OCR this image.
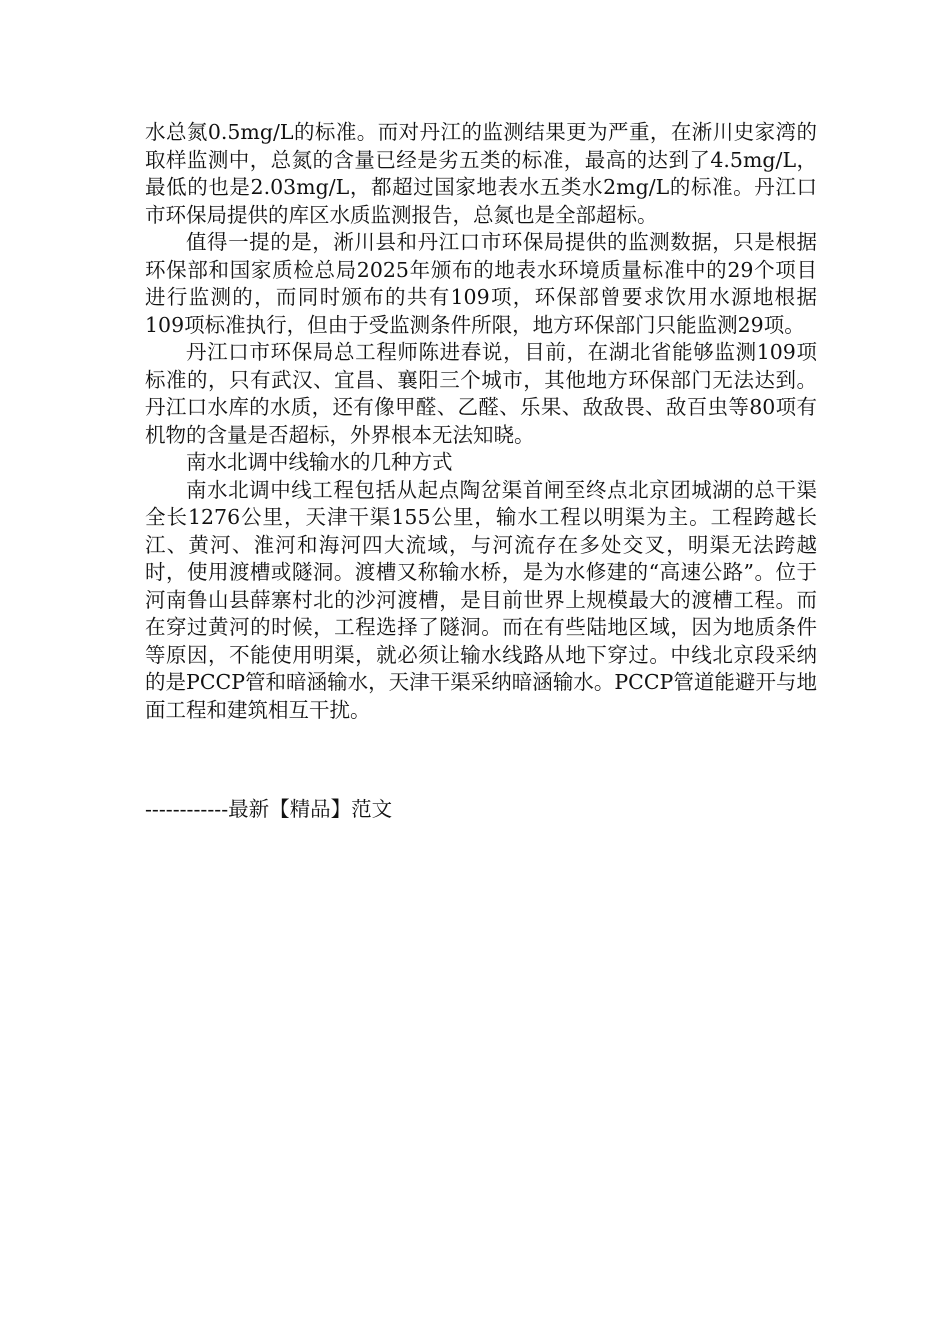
水总氮0.5mg/L的标准。而对丹江的监测结果更为严重，在淅川史家湾的取样监测中，总氮的含量已经是劣五类的标准，最高的达到了4.5mg/L，最低的也是2.03mg/L，都超过国家地表水五类水2mg/L的标准。丹江口市环保局提供的库区水质监测报告，总氮也是全部超标。

值得一提的是，淅川县和丹江口市环保局提供的监测数据，只是根据环保部和国家质检总局2025年颁布的地表水环境质量标准中的29个项目进行监测的，而同时颁布的共有109项，环保部曾要求饮用水源地根据109项标准执行，但由于受监测条件所限，地方环保部门只能监测29项。

丹江口市环保局总工程师陈进春说，目前，在湖北省能够监测109项标准的，只有武汉、宜昌、襄阳三个城市，其他地方环保部门无法达到。丹江口水库的水质，还有像甲醛、乙醛、乐果、敌敌畏、敌百虫等80项有机物的含量是否超标，外界根本无法知晓。

南水北调中线输水的几种方式

南水北调中线工程包括从起点陶岔渠首闸至终点北京团城湖的总干渠全长1276公里，天津干渠155公里，输水工程以明渠为主。工程跨越长江、黄河、淮河和海河四大流域，与河流存在多处交叉，明渠无法跨越时，使用渡槽或隧洞。渡槽又称输水桥，是为水修建的“高速公路”。位于河南鲁山县薛寨村北的沙河渡槽，是目前世界上规模最大的渡槽工程。而在穿过黄河的时候，工程选择了隧洞。而在有些陆地区域，因为地质条件等原因，不能使用明渠，就必须让输水线路从地下穿过。中线北京段采纳的是PCCP管和暗涵输水，天津干渠采纳暗涵输水。PCCP管道能避开与地面工程和建筑相互干扰。

------------最新【精品】范文
